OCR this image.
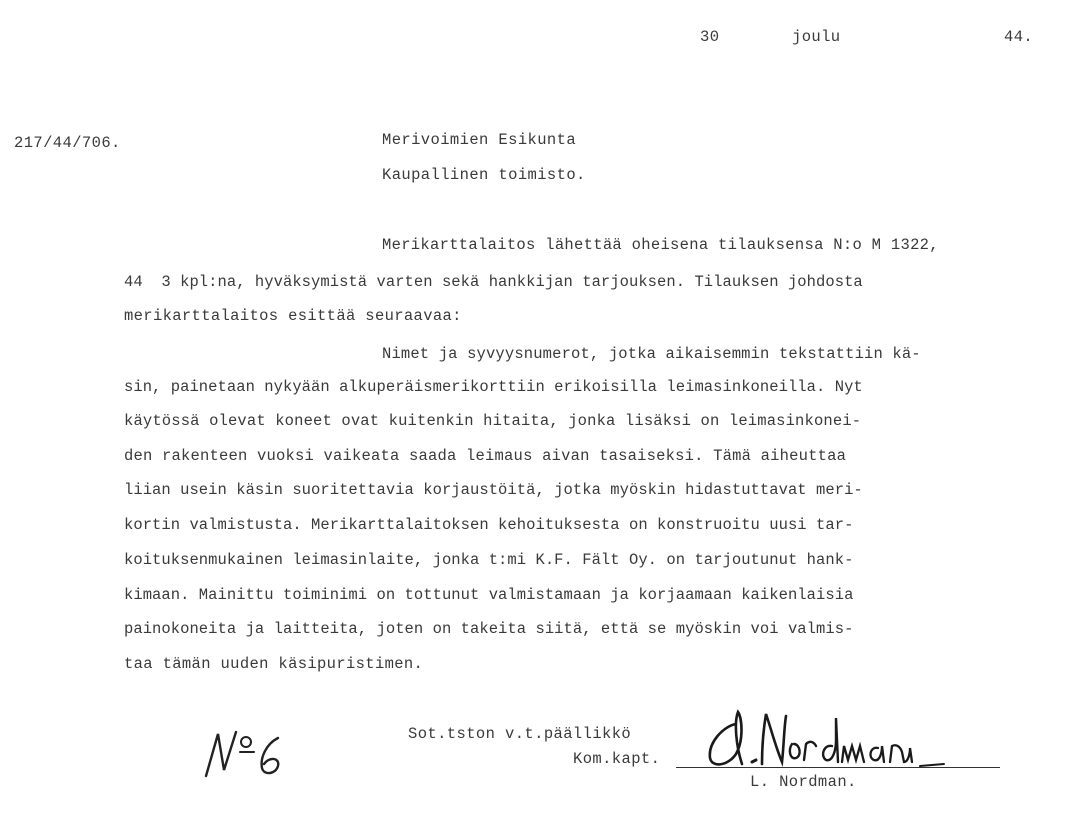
30	joulu	44.
217/44/706.	Merivoimien Esikunta
Kaupallinen toimisto.
Merikarttalaitos lähettää oheisena tilauksensa N:o M 1322,
44  3 kpl:na, hyväksymistä varten sekä hankkijan tarjouksen. Tilauksen johdosta
merikarttalaitos esittää seuraavaa:
Nimet ja syvyysnumerot, jotka aikaisemmin tekstattiin kä-
sin, painetaan nykyään alkuperäismerikorttiin erikoisilla leimasinkoneilla. Nyt
käytössä olevat koneet ovat kuitenkin hitaita, jonka lisäksi on leimasinkonei-
den rakenteen vuoksi vaikeata saada leimaus aivan tasaiseksi. Tämä aiheuttaa
liian usein käsin suoritettavia korjaustöitä, jotka myöskin hidastuttavat meri-
kortin valmistusta. Merikarttalaitoksen kehoituksesta on konstruoitu uusi tar-
koituksenmukainen leimasinlaite, jonka t:mi K.F. Fält Oy. on tarjoutunut hank-
kimaan. Mainittu toiminimi on tottunut valmistamaan ja korjaamaan kaikenlaisia
painokoneita ja laitteita, joten on takeita siitä, että se myöskin voi valmis-
taa tämän uuden käsipuristimen.
Sot.tston v.t.päällikkö
Kom.kapt.
L. Nordman.
